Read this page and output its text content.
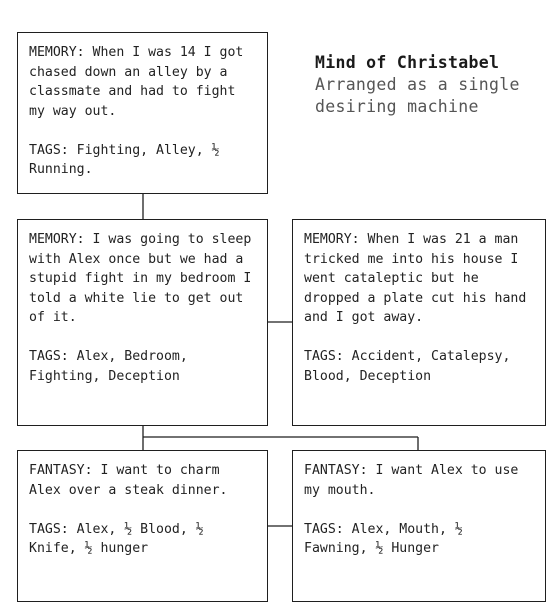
Mind of Christabel
Arranged as a single desiring machine

MEMORY: When I was 14 I got chased down an alley by a classmate and had to fight my way out.

TAGS: Fighting, Alley, ½ Running.

MEMORY: I was going to sleep with Alex once but we had a stupid fight in my bedroom I told a white lie to get out of it.

TAGS: Alex, Bedroom, Fighting, Deception

MEMORY: When I was 21 a man tricked me into his house I went cataleptic but he dropped a plate cut his hand and I got away.

TAGS: Accident, Catalepsy, Blood, Deception

FANTASY: I want to charm Alex over a steak dinner.

TAGS: Alex, ½ Blood, ½ Knife, ½ hunger

FANTASY: I want Alex to use my mouth.

TAGS: Alex, Mouth, ½ Fawning, ½ Hunger
